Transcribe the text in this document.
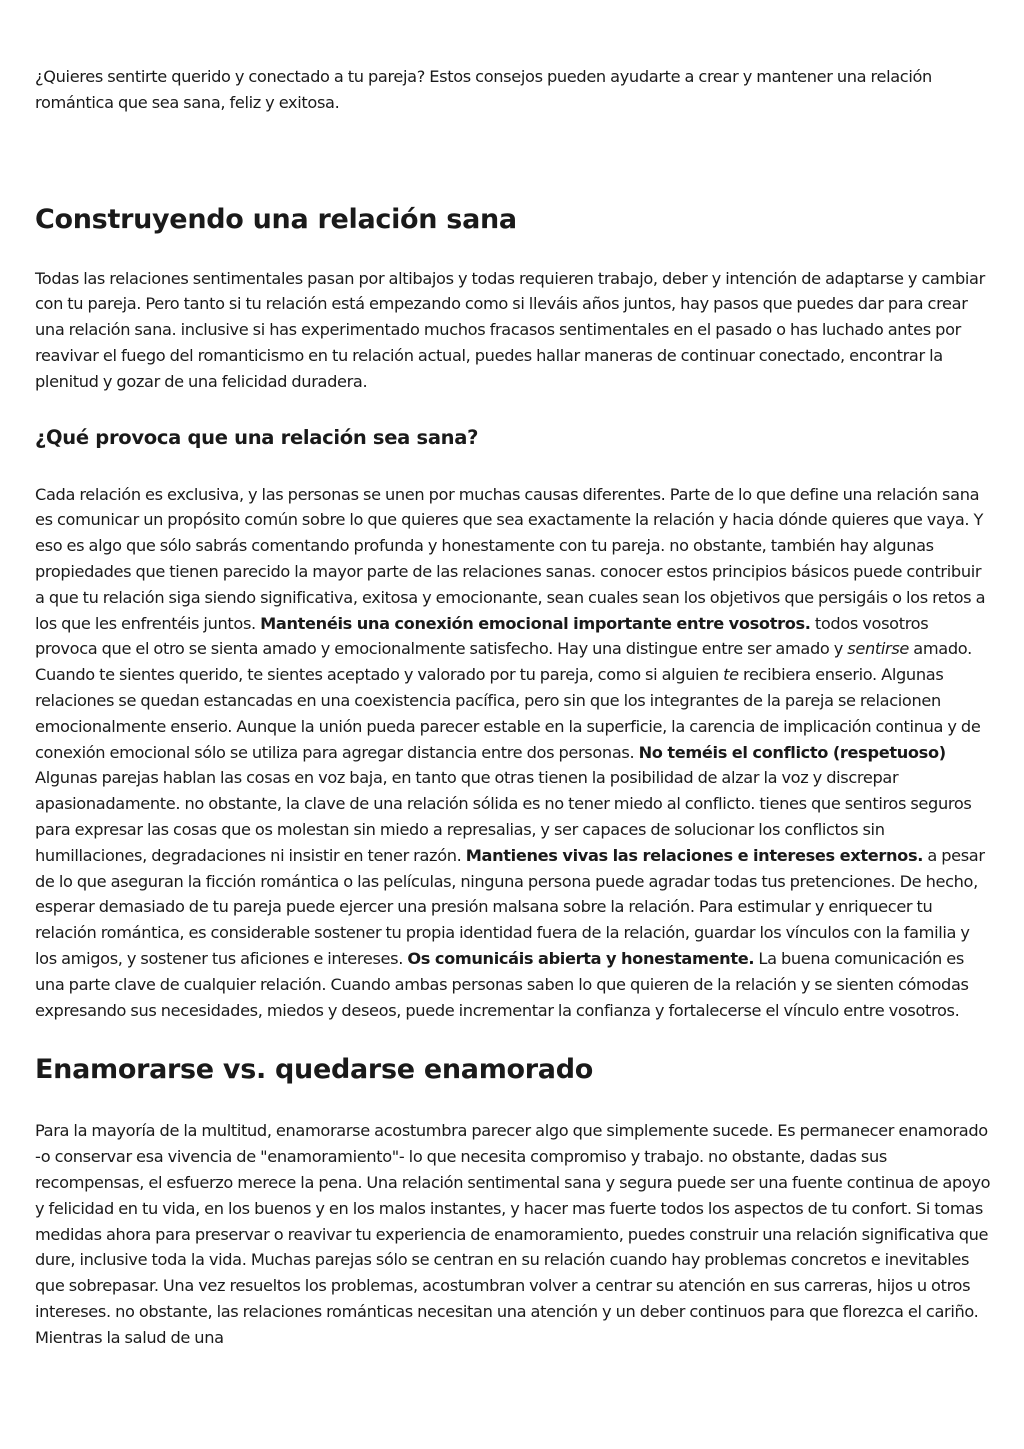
¿Quieres sentirte querido y conectado a tu pareja? Estos consejos pueden ayudarte a crear y mantener una relación romántica que sea sana, feliz y exitosa.

Construyendo una relación sana

Todas las relaciones sentimentales pasan por altibajos y todas requieren trabajo, deber y intención de adaptarse y cambiar con tu pareja. Pero tanto si tu relación está empezando como si lleváis años juntos, hay pasos que puedes dar para crear una relación sana. inclusive si has experimentado muchos fracasos sentimentales en el pasado o has luchado antes por reavivar el fuego del romanticismo en tu relación actual, puedes hallar maneras de continuar conectado, encontrar la plenitud y gozar de una felicidad duradera.

¿Qué provoca que una relación sea sana?

Cada relación es exclusiva, y las personas se unen por muchas causas diferentes. Parte de lo que define una relación sana es comunicar un propósito común sobre lo que quieres que sea exactamente la relación y hacia dónde quieres que vaya. Y eso es algo que sólo sabrás comentando profunda y honestamente con tu pareja. no obstante, también hay algunas propiedades que tienen parecido la mayor parte de las relaciones sanas. conocer estos principios básicos puede contribuir a que tu relación siga siendo significativa, exitosa y emocionante, sean cuales sean los objetivos que persigáis o los retos a los que les enfrentéis juntos. Mantenéis una conexión emocional importante entre vosotros. todos vosotros provoca que el otro se sienta amado y emocionalmente satisfecho. Hay una distingue entre ser amado y sentirse amado. Cuando te sientes querido, te sientes aceptado y valorado por tu pareja, como si alguien te recibiera enserio. Algunas relaciones se quedan estancadas en una coexistencia pacífica, pero sin que los integrantes de la pareja se relacionen emocionalmente enserio. Aunque la unión pueda parecer estable en la superficie, la carencia de implicación continua y de conexión emocional sólo se utiliza para agregar distancia entre dos personas. No teméis el conflicto (respetuoso) Algunas parejas hablan las cosas en voz baja, en tanto que otras tienen la posibilidad de alzar la voz y discrepar apasionadamente. no obstante, la clave de una relación sólida es no tener miedo al conflicto. tienes que sentiros seguros para expresar las cosas que os molestan sin miedo a represalias, y ser capaces de solucionar los conflictos sin humillaciones, degradaciones ni insistir en tener razón. Mantienes vivas las relaciones e intereses externos. a pesar de lo que aseguran la ficción romántica o las películas, ninguna persona puede agradar todas tus pretenciones. De hecho, esperar demasiado de tu pareja puede ejercer una presión malsana sobre la relación. Para estimular y enriquecer tu relación romántica, es considerable sostener tu propia identidad fuera de la relación, guardar los vínculos con la familia y los amigos, y sostener tus aficiones e intereses. Os comunicáis abierta y honestamente. La buena comunicación es una parte clave de cualquier relación. Cuando ambas personas saben lo que quieren de la relación y se sienten cómodas expresando sus necesidades, miedos y deseos, puede incrementar la confianza y fortalecerse el vínculo entre vosotros.

Enamorarse vs. quedarse enamorado

Para la mayoría de la multitud, enamorarse acostumbra parecer algo que simplemente sucede. Es permanecer enamorado -o conservar esa vivencia de "enamoramiento"- lo que necesita compromiso y trabajo. no obstante, dadas sus recompensas, el esfuerzo merece la pena. Una relación sentimental sana y segura puede ser una fuente continua de apoyo y felicidad en tu vida, en los buenos y en los malos instantes, y hacer mas fuerte todos los aspectos de tu confort. Si tomas medidas ahora para preservar o reavivar tu experiencia de enamoramiento, puedes construir una relación significativa que dure, inclusive toda la vida. Muchas parejas sólo se centran en su relación cuando hay problemas concretos e inevitables que sobrepasar. Una vez resueltos los problemas, acostumbran volver a centrar su atención en sus carreras, hijos u otros intereses. no obstante, las relaciones románticas necesitan una atención y un deber continuos para que florezca el cariño. Mientras la salud de una
